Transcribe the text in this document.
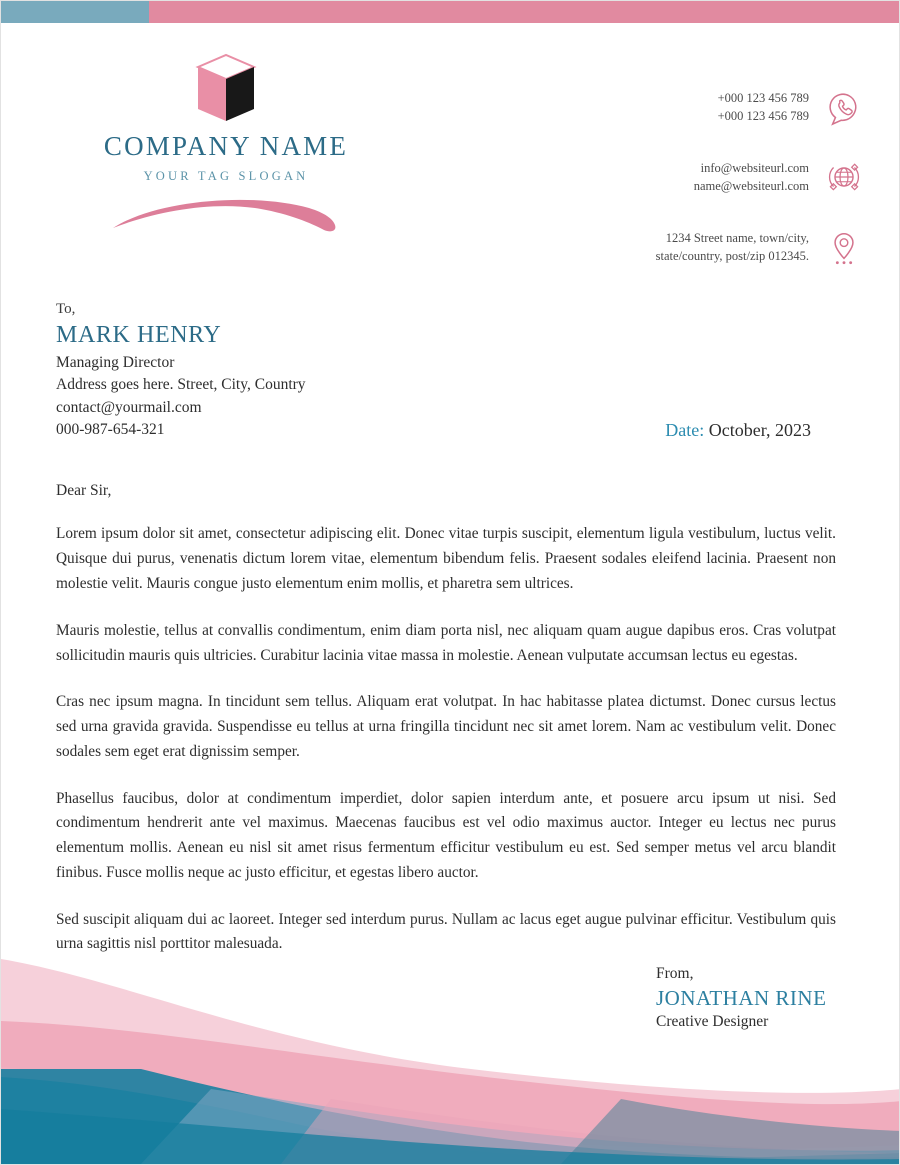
COMPANY NAME
YOUR TAG SLOGAN
+000 123 456 789
+000 123 456 789
info@websiteurl.com
name@websiteurl.com
1234 Street name, town/city,
state/country, post/zip 012345.
To,
MARK HENRY
Managing Director
Address goes here. Street, City, Country
contact@yourmail.com
000-987-654-321	Date: October, 2023
Dear Sir,

Lorem ipsum dolor sit amet, consectetur adipiscing elit. Donec vitae turpis suscipit, elementum ligula vestibulum, luctus velit. Quisque dui purus, venenatis dictum lorem vitae, elementum bibendum felis. Praesent sodales eleifend lacinia. Praesent non molestie velit. Mauris congue justo elementum enim mollis, et pharetra sem ultrices.

Mauris molestie, tellus at convallis condimentum, enim diam porta nisl, nec aliquam quam augue dapibus eros. Cras volutpat sollicitudin mauris quis ultricies. Curabitur lacinia vitae massa in molestie. Aenean vulputate accumsan lectus eu egestas.

Cras nec ipsum magna. In tincidunt sem tellus. Aliquam erat volutpat. In hac habitasse platea dictumst. Donec cursus lectus sed urna gravida gravida. Suspendisse eu tellus at urna fringilla tincidunt nec sit amet lorem. Nam ac vestibulum velit. Donec sodales sem eget erat dignissim semper.

Phasellus faucibus, dolor at condimentum imperdiet, dolor sapien interdum ante, et posuere arcu ipsum ut nisi. Sed condimentum hendrerit ante vel maximus. Maecenas faucibus est vel odio maximus auctor. Integer eu lectus nec purus elementum mollis. Aenean eu nisl sit amet risus fermentum efficitur vestibulum eu est. Sed semper metus vel arcu blandit finibus. Fusce mollis neque ac justo efficitur, et egestas libero auctor.

Sed suscipit aliquam dui ac laoreet. Integer sed interdum purus. Nullam ac lacus eget augue pulvinar efficitur. Vestibulum quis urna sagittis nisl porttitor malesuada.

From,
JONATHAN RINE
Creative Designer
